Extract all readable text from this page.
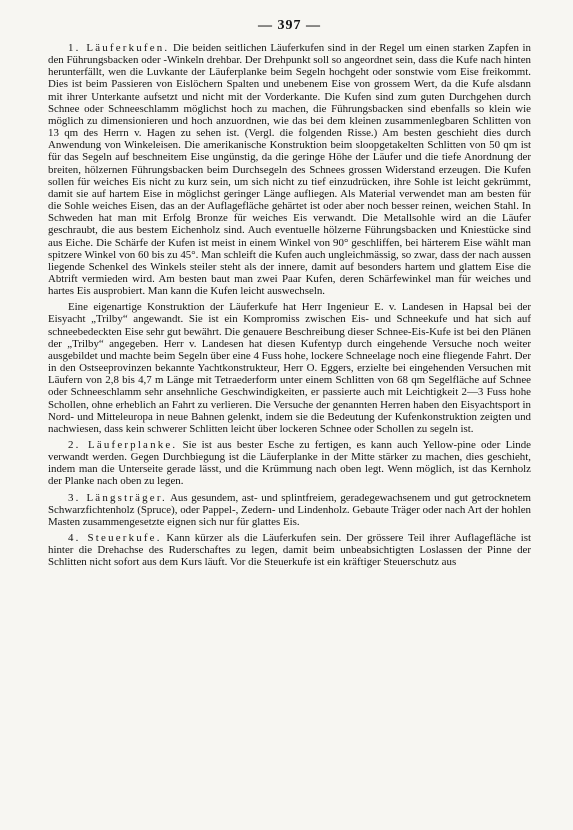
— 397 —

1. Läuferkufen. Die beiden seitlichen Läuferkufen sind in der Regel um einen starken Zapfen in den Führungsbacken oder -Winkeln drehbar. Der Drehpunkt soll so angeordnet sein, dass die Kufe nach hinten herunterfällt, wen die Luvkante der Läuferplanke beim Segeln hochgeht oder sonstwie vom Eise freikommt. Dies ist beim Passieren von Eislöchern Spalten und unebenem Eise von grossem Wert, da die Kufe alsdann mit ihrer Unterkante aufsetzt und nicht mit der Vorderkante. Die Kufen sind zum guten Durchgehen durch Schnee oder Schneeschlamm möglichst hoch zu machen, die Führungsbacken sind ebenfalls so klein wie möglich zu dimensionieren und hoch anzuordnen, wie das bei dem kleinen zusammenlegbaren Schlitten von 13 qm des Herrn v. Hagen zu sehen ist. (Vergl. die folgenden Risse.) Am besten geschieht dies durch Anwendung von Winkeleisen. Die amerikanische Konstruktion beim sloopgetakelten Schlitten von 50 qm ist für das Segeln auf beschneitem Eise ungünstig, da die geringe Höhe der Läufer und die tiefe Anordnung der breiten, hölzernen Führungsbacken beim Durchsegeln des Schnees grossen Widerstand erzeugen. Die Kufen sollen für weiches Eis nicht zu kurz sein, um sich nicht zu tief einzudrücken, ihre Sohle ist leicht gekrümmt, damit sie auf hartem Eise in möglichst geringer Länge aufliegen. Als Material verwendet man am besten für die Sohle weiches Eisen, das an der Auflagefläche gehärtet ist oder aber noch besser reinen, weichen Stahl. In Schweden hat man mit Erfolg Bronze für weiches Eis verwandt. Die Metallsohle wird an die Läufer geschraubt, die aus bestem Eichenholz sind. Auch eventuelle hölzerne Führungsbacken und Kniestücke sind aus Eiche. Die Schärfe der Kufen ist meist in einem Winkel von 90° geschliffen, bei härterem Eise wählt man spitzere Winkel von 60 bis zu 45°. Man schleift die Kufen auch ungleichmässig, so zwar, dass der nach aussen liegende Schenkel des Winkels steiler steht als der innere, damit auf besonders hartem und glattem Eise die Abtrift vermieden wird. Am besten baut man zwei Paar Kufen, deren Schärfewinkel man für weiches und hartes Eis ausprobiert. Man kann die Kufen leicht auswechseln.

Eine eigenartige Konstruktion der Läuferkufe hat Herr Ingenieur E. v. Landesen in Hapsal bei der Eisyacht „Trilby“ angewandt. Sie ist ein Kompromiss zwischen Eis- und Schneekufe und hat sich auf schneebedeckten Eise sehr gut bewährt. Die genauere Beschreibung dieser Schnee-Eis-Kufe ist bei den Plänen der „Trilby“ angegeben. Herr v. Landesen hat diesen Kufentyp durch eingehende Versuche noch weiter ausgebildet und machte beim Segeln über eine 4 Fuss hohe, lockere Schneelage noch eine fliegende Fahrt. Der in den Ostseeprovinzen bekannte Yachtkonstrukteur, Herr O. Eggers, erzielte bei eingehenden Versuchen mit Läufern von 2,8 bis 4,7 m Länge mit Tetraederform unter einem Schlitten von 68 qm Segelfläche auf Schnee oder Schneeschlamm sehr ansehnliche Geschwindigkeiten, er passierte auch mit Leichtigkeit 2—3 Fuss hohe Schollen, ohne erheblich an Fahrt zu verlieren. Die Versuche der genannten Herren haben den Eisyachtsport in Nord- und Mitteleuropa in neue Bahnen gelenkt, indem sie die Bedeutung der Kufenkonstruktion zeigten und nachwiesen, dass kein schwerer Schlitten leicht über lockeren Schnee oder Schollen zu segeln ist.

2. Läuferplanke. Sie ist aus bester Esche zu fertigen, es kann auch Yellow-pine oder Linde verwandt werden. Gegen Durchbiegung ist die Läuferplanke in der Mitte stärker zu machen, dies geschieht, indem man die Unterseite gerade lässt, und die Krümmung nach oben legt. Wenn möglich, ist das Kernholz der Planke nach oben zu legen.

3. Längsträger. Aus gesundem, ast- und splintfreiem, geradegewachsenem und gut getrocknetem Schwarzfichtenholz (Spruce), oder Pappel-, Zedern- und Lindenholz. Gebaute Träger oder nach Art der hohlen Masten zusammengesetzte eignen sich nur für glattes Eis.

4. Steuerkufe. Kann kürzer als die Läuferkufen sein. Der grössere Teil ihrer Auflagefläche ist hinter die Drehachse des Ruderschaftes zu legen, damit beim unbeabsichtigten Loslassen der Pinne der Schlitten nicht sofort aus dem Kurs läuft. Vor die Steuerkufe ist ein kräftiger Steuerschutz aus
